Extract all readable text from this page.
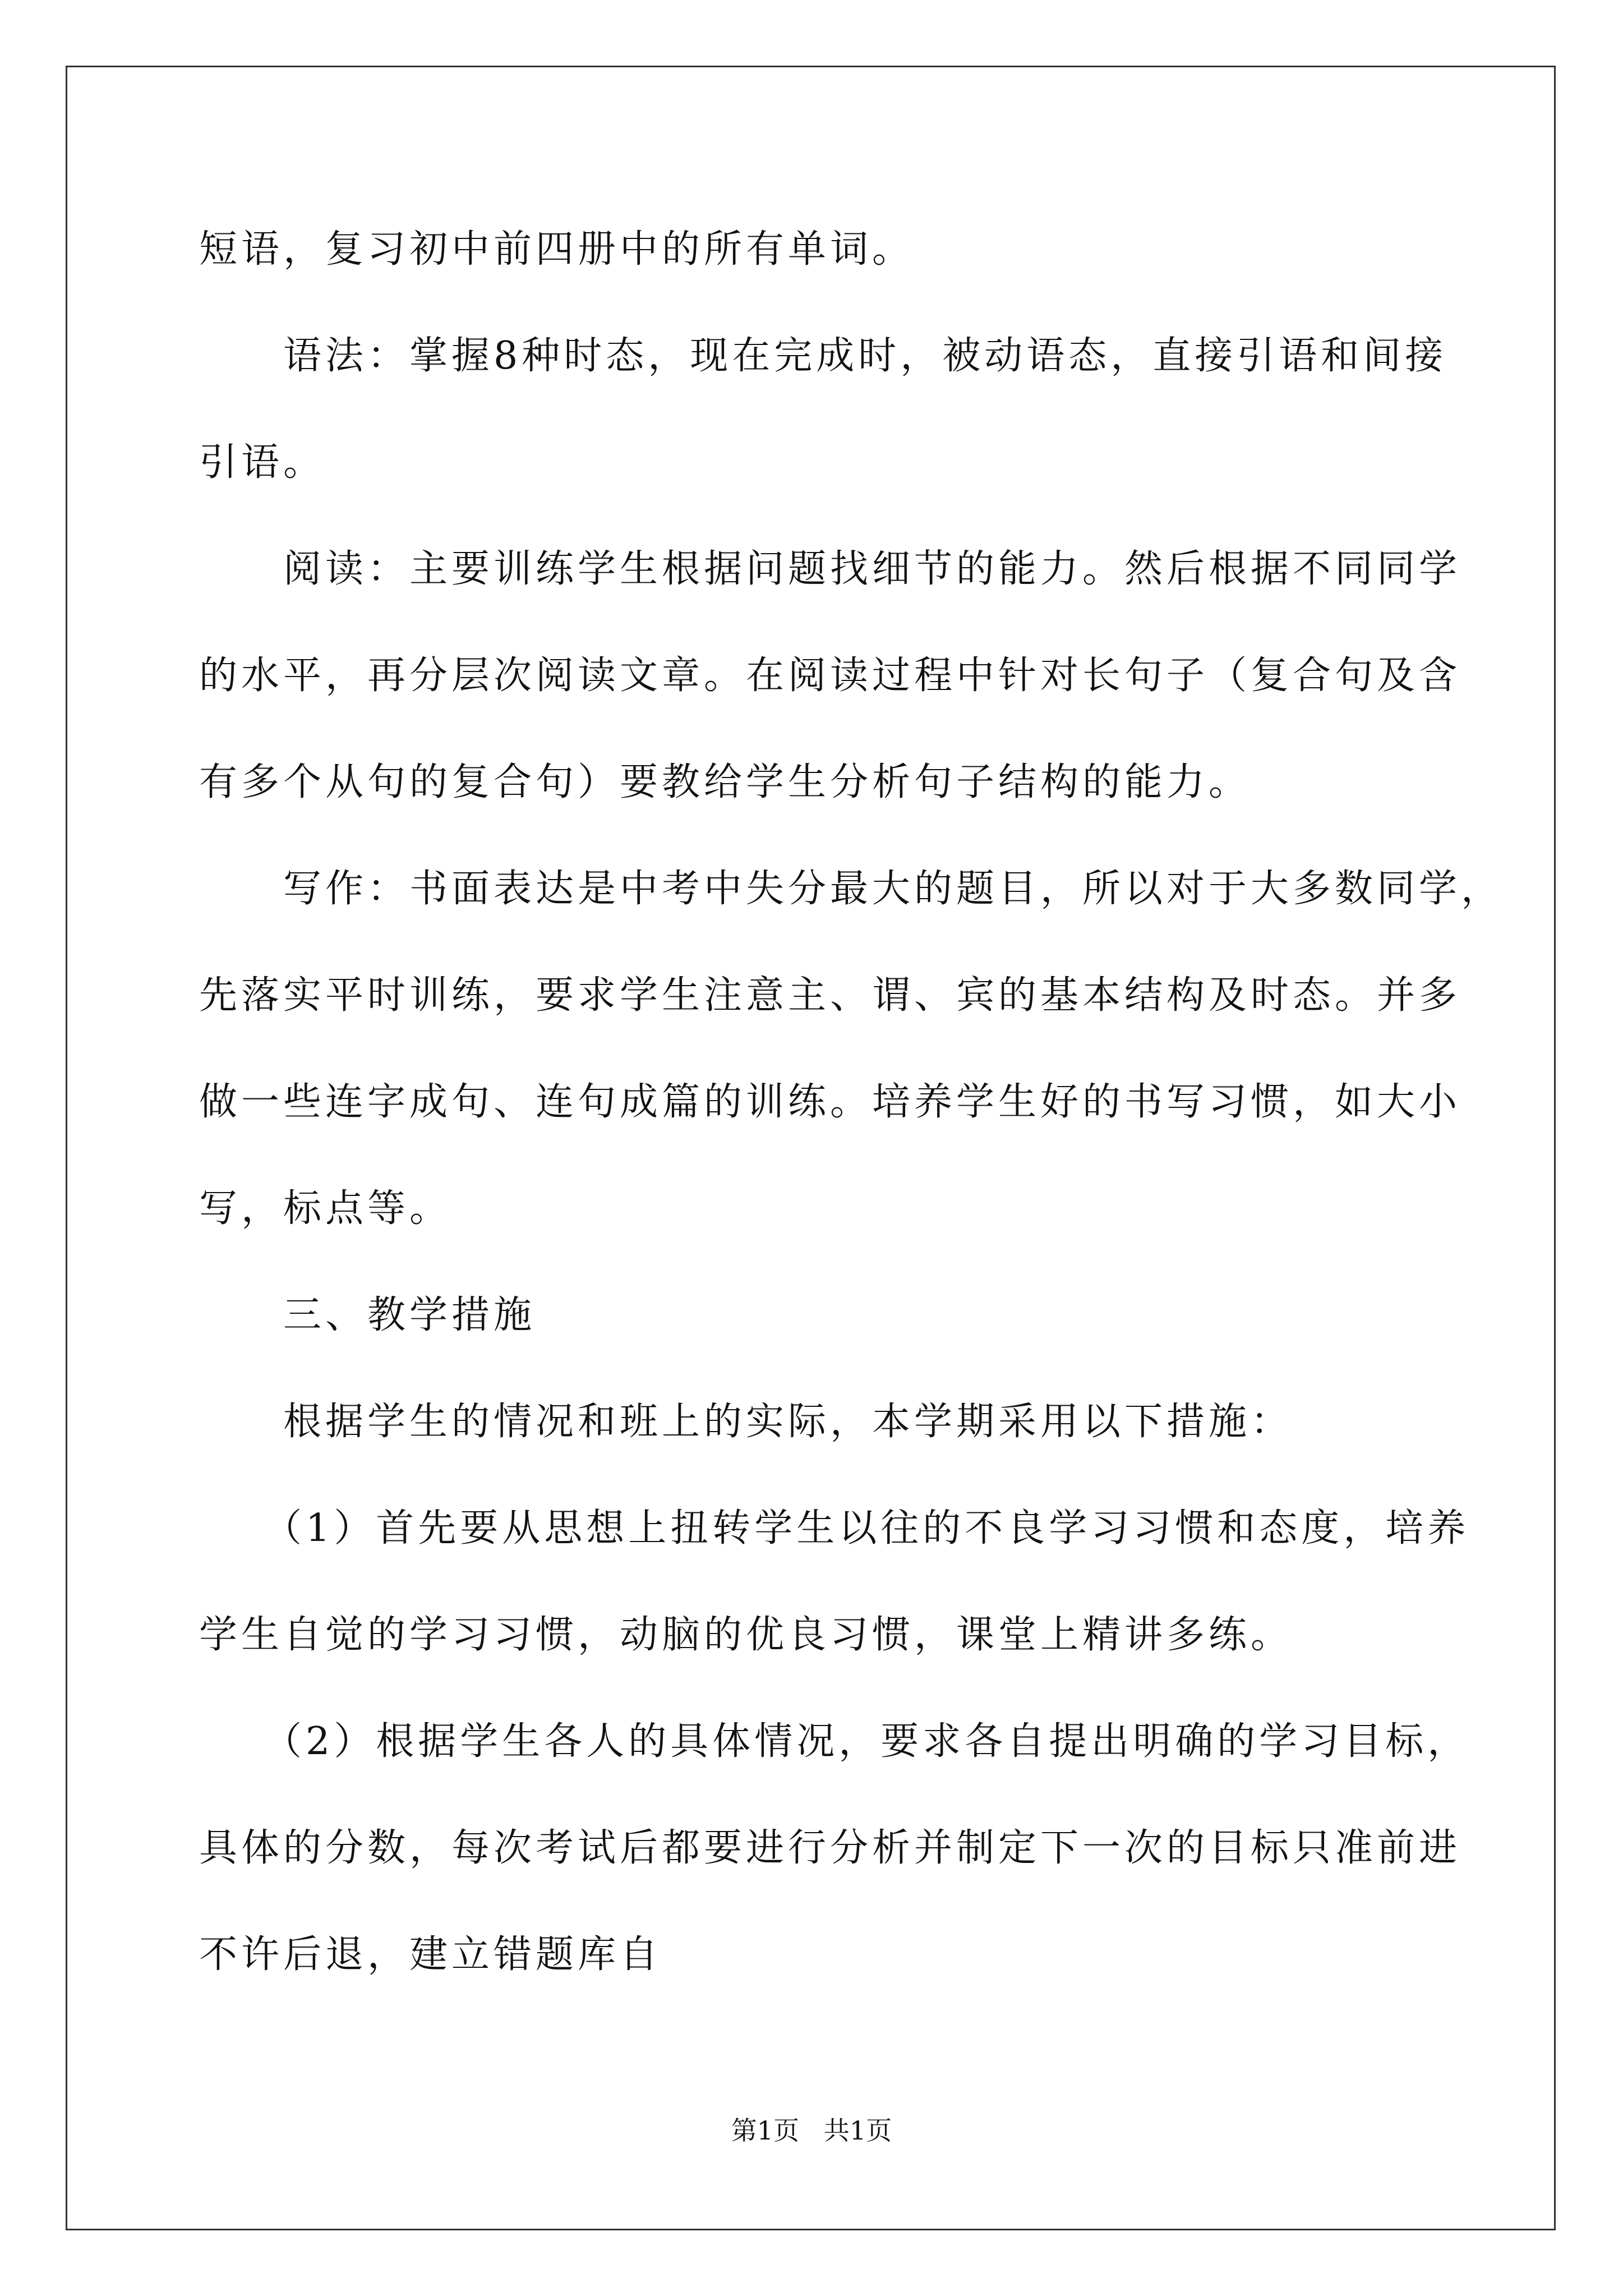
短语，复习初中前四册中的所有单词。
语法：掌握8种时态，现在完成时，被动语态，直接引语和间接
引语。
阅读：主要训练学生根据问题找细节的能力。然后根据不同同学
的水平，再分层次阅读文章。在阅读过程中针对长句子（复合句及含
有多个从句的复合句）要教给学生分析句子结构的能力。
写作：书面表达是中考中失分最大的题目，所以对于大多数同学，
先落实平时训练，要求学生注意主、谓、宾的基本结构及时态。并多
做一些连字成句、连句成篇的训练。培养学生好的书写习惯，如大小
写，标点等。
三、教学措施
根据学生的情况和班上的实际，本学期采用以下措施：
（1）首先要从思想上扭转学生以往的不良学习习惯和态度，培养
学生自觉的学习习惯，动脑的优良习惯，课堂上精讲多练。
（2）根据学生各人的具体情况，要求各自提出明确的学习目标，
具体的分数，每次考试后都要进行分析并制定下一次的目标只准前进
不许后退，建立错题库自
第1页   共1页
